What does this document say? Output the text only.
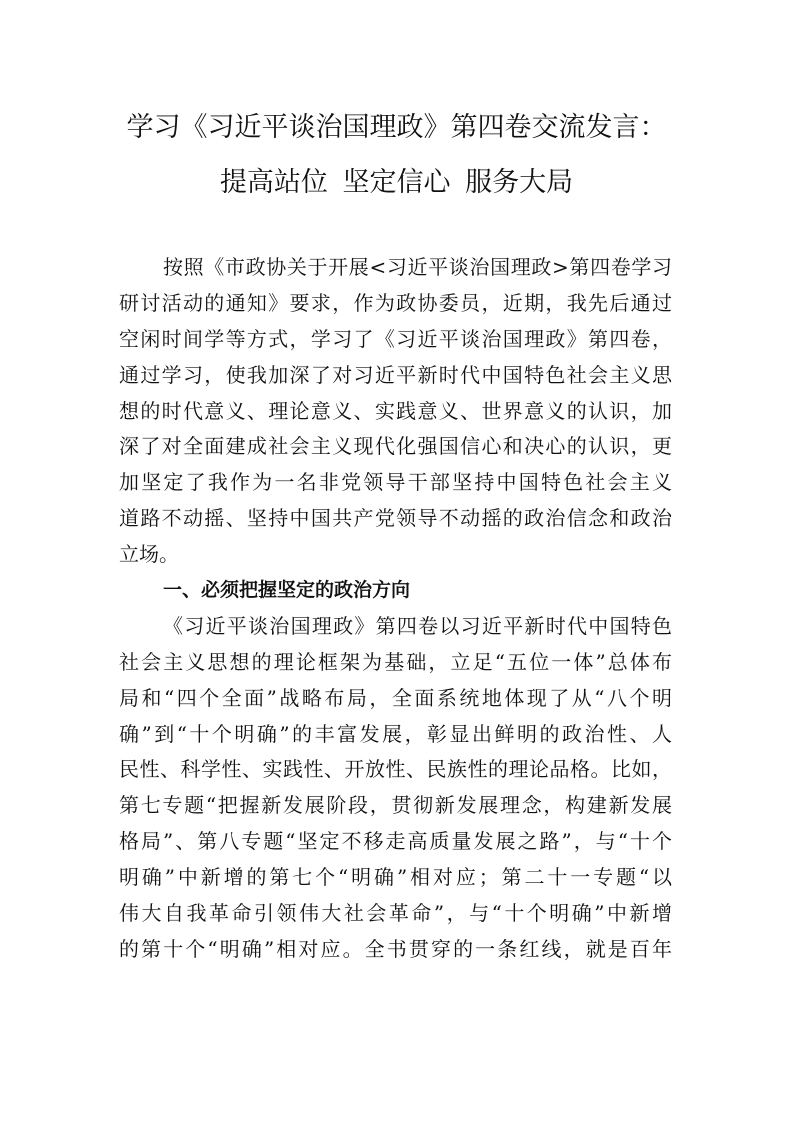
学习《习近平谈治国理政》第四卷交流发言：
提高站位 坚定信心 服务大局
按照《市政协关于开展<习近平谈治国理政>第四卷学习
研讨活动的通知》要求，作为政协委员，近期，我先后通过
空闲时间学等方式，学习了《习近平谈治国理政》第四卷，
通过学习，使我加深了对习近平新时代中国特色社会主义思
想的时代意义、理论意义、实践意义、世界意义的认识，加
深了对全面建成社会主义现代化强国信心和决心的认识，更
加坚定了我作为一名非党领导干部坚持中国特色社会主义
道路不动摇、坚持中国共产党领导不动摇的政治信念和政治
立场。
一、必须把握坚定的政治方向
《习近平谈治国理政》第四卷以习近平新时代中国特色
社会主义思想的理论框架为基础，立足“五位一体”总体布
局和“四个全面”战略布局，全面系统地体现了从“八个明
确”到“十个明确”的丰富发展，彰显出鲜明的政治性、人
民性、科学性、实践性、开放性、民族性的理论品格。比如，
第七专题“把握新发展阶段，贯彻新发展理念，构建新发展
格局”、第八专题“坚定不移走高质量发展之路”，与“十个
明确”中新增的第七个“明确”相对应；第二十一专题“以
伟大自我革命引领伟大社会革命”，与“十个明确”中新增
的第十个“明确”相对应。全书贯穿的一条红线，就是百年
